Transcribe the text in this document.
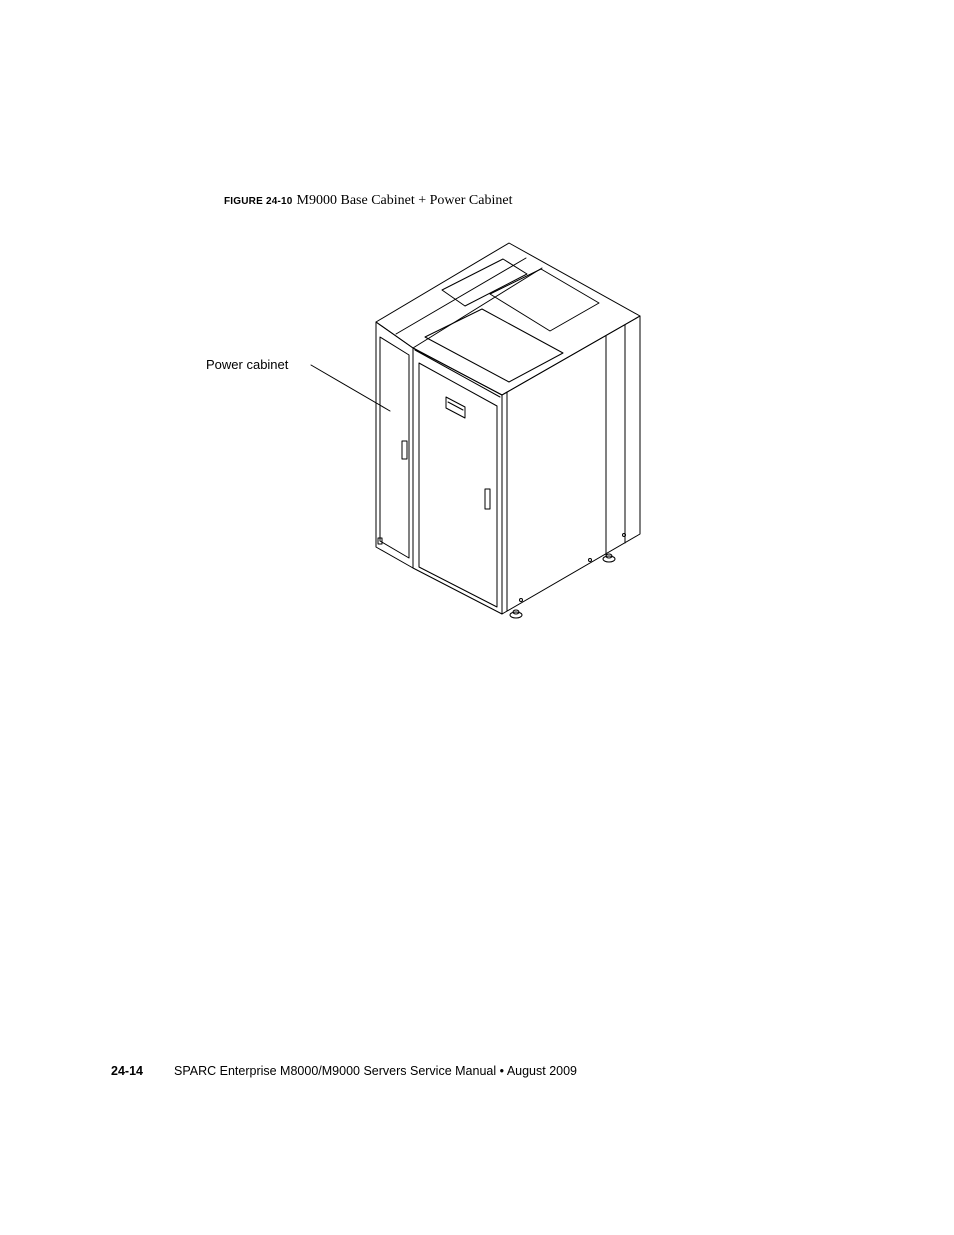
FIGURE 24-10 M9000 Base Cabinet + Power Cabinet
Power cabinet
24-14 SPARC Enterprise M8000/M9000 Servers Service Manual • August 2009
